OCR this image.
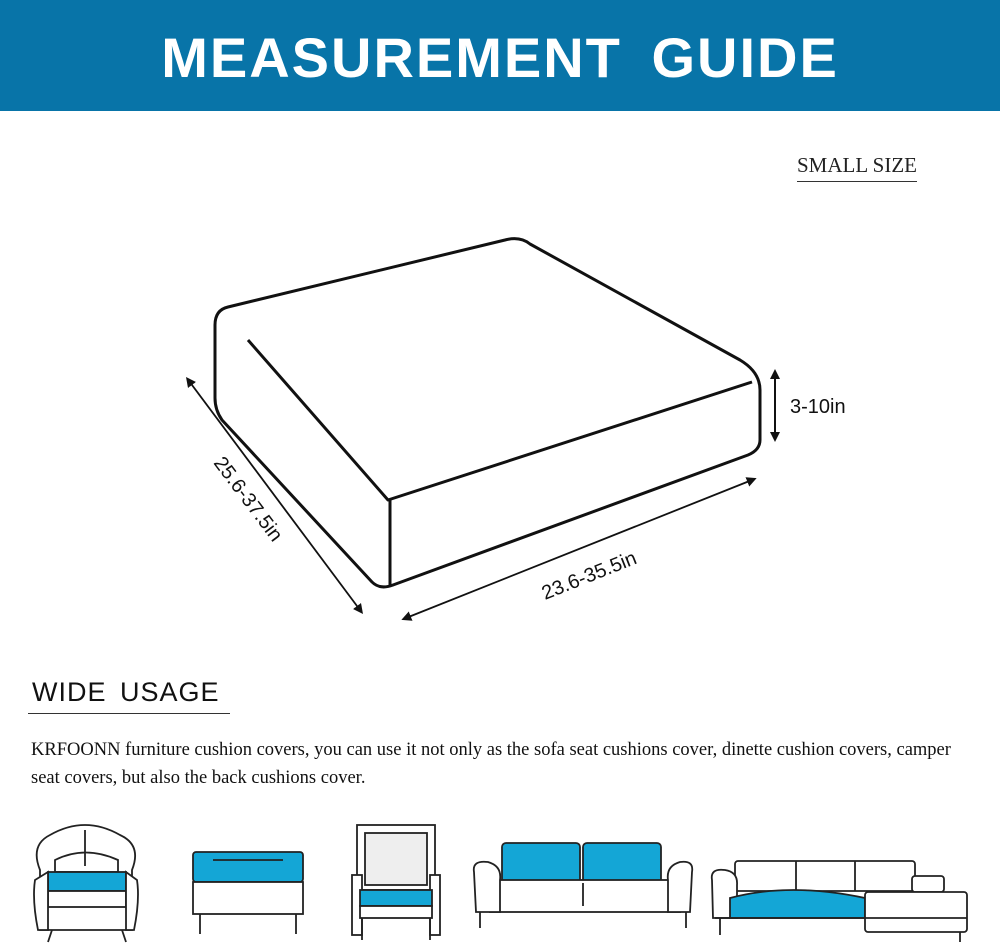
MEASUREMENT GUIDE
SMALL SIZE
3-10in
23.6-35.5in
25.6-37.5in
WIDE USAGE
KRFOONN furniture cushion covers, you can use it not only as the sofa seat cushions cover, dinette cushion covers, camper seat covers, but also the back cushions cover.
